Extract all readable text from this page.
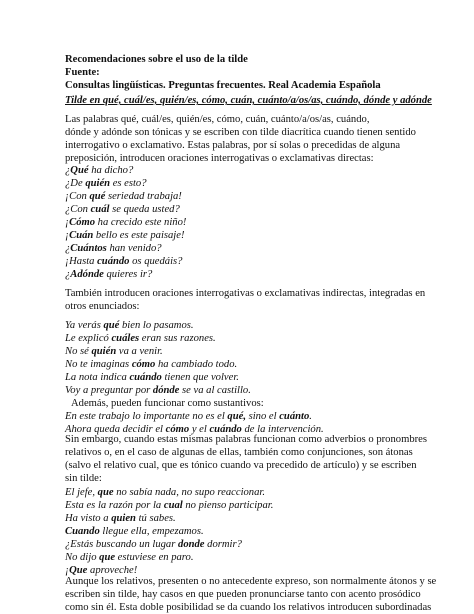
Recomendaciones sobre el uso de la tilde

Fuente:

Consultas lingüísticas. Preguntas frecuentes. Real Academia Española

Tilde en qué, cuál/es, quién/es, cómo, cuán, cuánto/a/os/as, cuándo, dónde y adónde

Las palabras qué, cuál/es, quién/es, cómo, cuán, cuánto/a/os/as, cuándo,

dónde y adónde son tónicas y se escriben con tilde diacrítica cuando tienen sentido

interrogativo o exclamativo. Estas palabras, por sí solas o precedidas de alguna

preposición, introducen oraciones interrogativas o exclamativas directas:

¿Qué ha dicho?

¿De quién es esto?

¡Con qué seriedad trabaja!

¿Con cuál se queda usted?

¡Cómo ha crecido este niño!

¡Cuán bello es este paisaje!

¿Cuántos han venido?

¡Hasta cuándo os quedáis?

¿Adónde quieres ir?

También introducen oraciones interrogativas o exclamativas indirectas, integradas en

otros enunciados:

Ya verás qué bien lo pasamos.

Le explicó cuáles eran sus razones.

No sé quién va a venir.

No te imaginas cómo ha cambiado todo.

La nota indica cuándo tienen que volver.

Voy a preguntar por dónde se va al castillo.

Además, pueden funcionar como sustantivos:

En este trabajo lo importante no es el qué, sino el cuánto.

Ahora queda decidir el cómo y el cuándo de la intervención.

Sin embargo, cuando estas mismas palabras funcionan como adverbios o pronombres

relativos o, en el caso de algunas de ellas, también como conjunciones, son átonas

(salvo el relativo cual, que es tónico cuando va precedido de artículo) y se escriben

sin tilde:

El jefe, que no sabía nada, no supo reaccionar.

Esta es la razón por la cual no pienso participar.

Ha visto a quien tú sabes.

Cuando llegue ella, empezamos.

¿Estás buscando un lugar donde dormir?

No dijo que estuviese en paro.

¡Que aproveche!

Aunque los relativos, presenten o no antecedente expreso, son normalmente átonos y se

escriben sin tilde, hay casos en que pueden pronunciarse tanto con acento prosódico

como sin él. Esta doble posibilidad se da cuando los relativos introducen subordinadas
